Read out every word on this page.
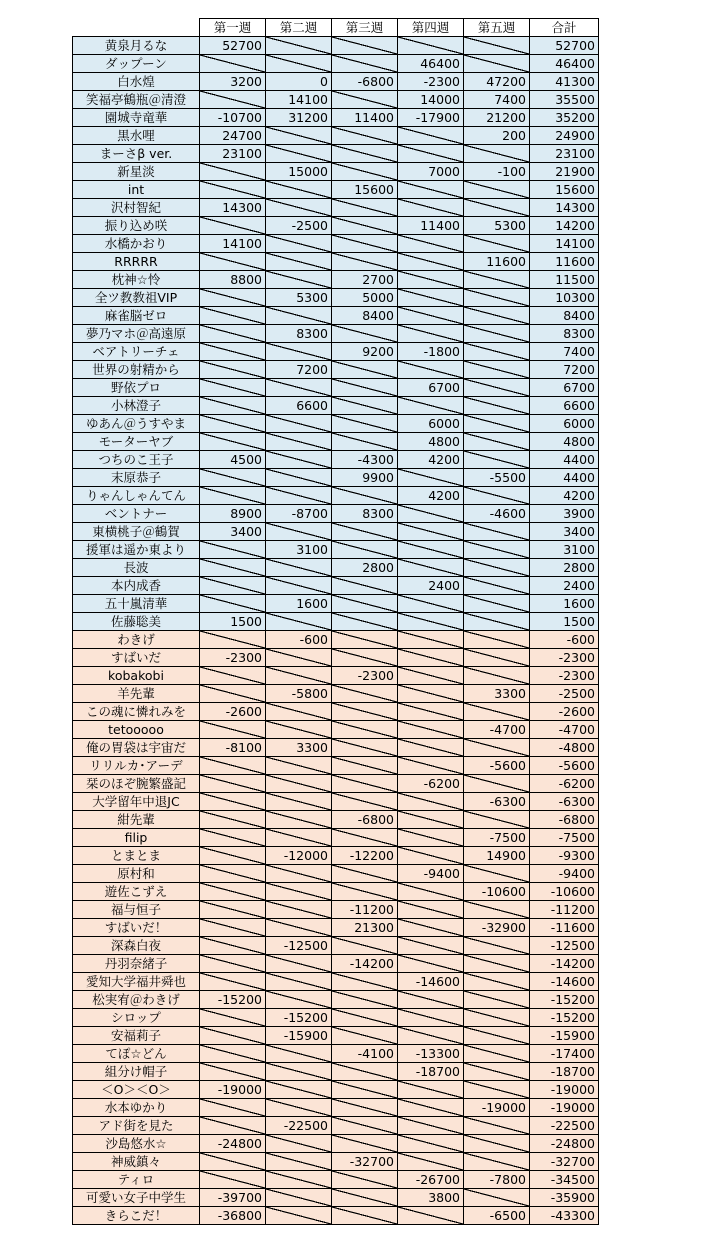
	第一週	第二週	第三週	第四週	第五週	合計
黄泉月るな	52700					52700
ダップーン				46400		46400
白水煌	3200	0	-6800	-2300	47200	41300
笑福亭鶴瓶＠清澄		14100		14000	7400	35500
園城寺竜華	-10700	31200	11400	-17900	21200	35200
黒水哩	24700				200	24900
まーさβ ver.	23100					23100
新星淡		15000		7000	-100	21900
int			15600			15600
沢村智紀	14300					14300
振り込め咲		-2500		11400	5300	14200
水橋かおり	14100					14100
RRRRR					11600	11600
枕神☆怜	8800		2700			11500
全ツ教教祖VIP		5300	5000			10300
麻雀脳ゼロ			8400			8400
夢乃マホ＠高遠原		8300				8300
ベアトリーチェ			9200	-1800		7400
世界の射精から		7200				7200
野依プロ				6700		6700
小林澄子		6600				6600
ゆあん＠うすやま				6000		6000
モーターヤブ				4800		4800
つちのこ王子	4500		-4300	4200		4400
末原恭子			9900		-5500	4400
りゃんしゃんてん				4200		4200
ベントナー	8900	-8700	8300		-4600	3900
東横桃子＠鶴賀	3400					3400
援軍は遥か東より		3100				3100
長波			2800			2800
本内成香				2400		2400
五十嵐清華		1600				1600
佐藤聡美	1500					1500
わきげ		-600				-600
すばいだ	-2300					-2300
kobakobi			-2300			-2300
羊先輩		-5800			3300	-2500
この魂に憐れみを	-2600					-2600
tetooooo					-4700	-4700
俺の胃袋は宇宙だ	-8100	3300				-4800
リリルカ･アーデ					-5600	-5600
栞のほぞ腕繁盛記				-6200		-6200
大学留年中退JC					-6300	-6300
紺先輩			-6800			-6800
filip					-7500	-7500
とまとま		-12000	-12200		14900	-9300
原村和				-9400		-9400
遊佐こずえ					-10600	-10600
福与恒子			-11200			-11200
すばいだ！			21300		-32900	-11600
深森白夜		-12500				-12500
丹羽奈緒子			-14200			-14200
愛知大学福井舜也				-14600		-14600
松実宥＠わきげ	-15200					-15200
シロップ		-15200				-15200
安福莉子		-15900				-15900
てぽ☆どん			-4100	-13300		-17400
組分け帽子				-18700		-18700
＜O＞＜O＞	-19000					-19000
水本ゆかり					-19000	-19000
アド街を見た		-22500				-22500
沙島悠水☆	-24800					-24800
神威鎮々			-32700			-32700
ティロ				-26700	-7800	-34500
可愛い女子中学生	-39700			3800		-35900
きらこだ！	-36800				-6500	-43300
